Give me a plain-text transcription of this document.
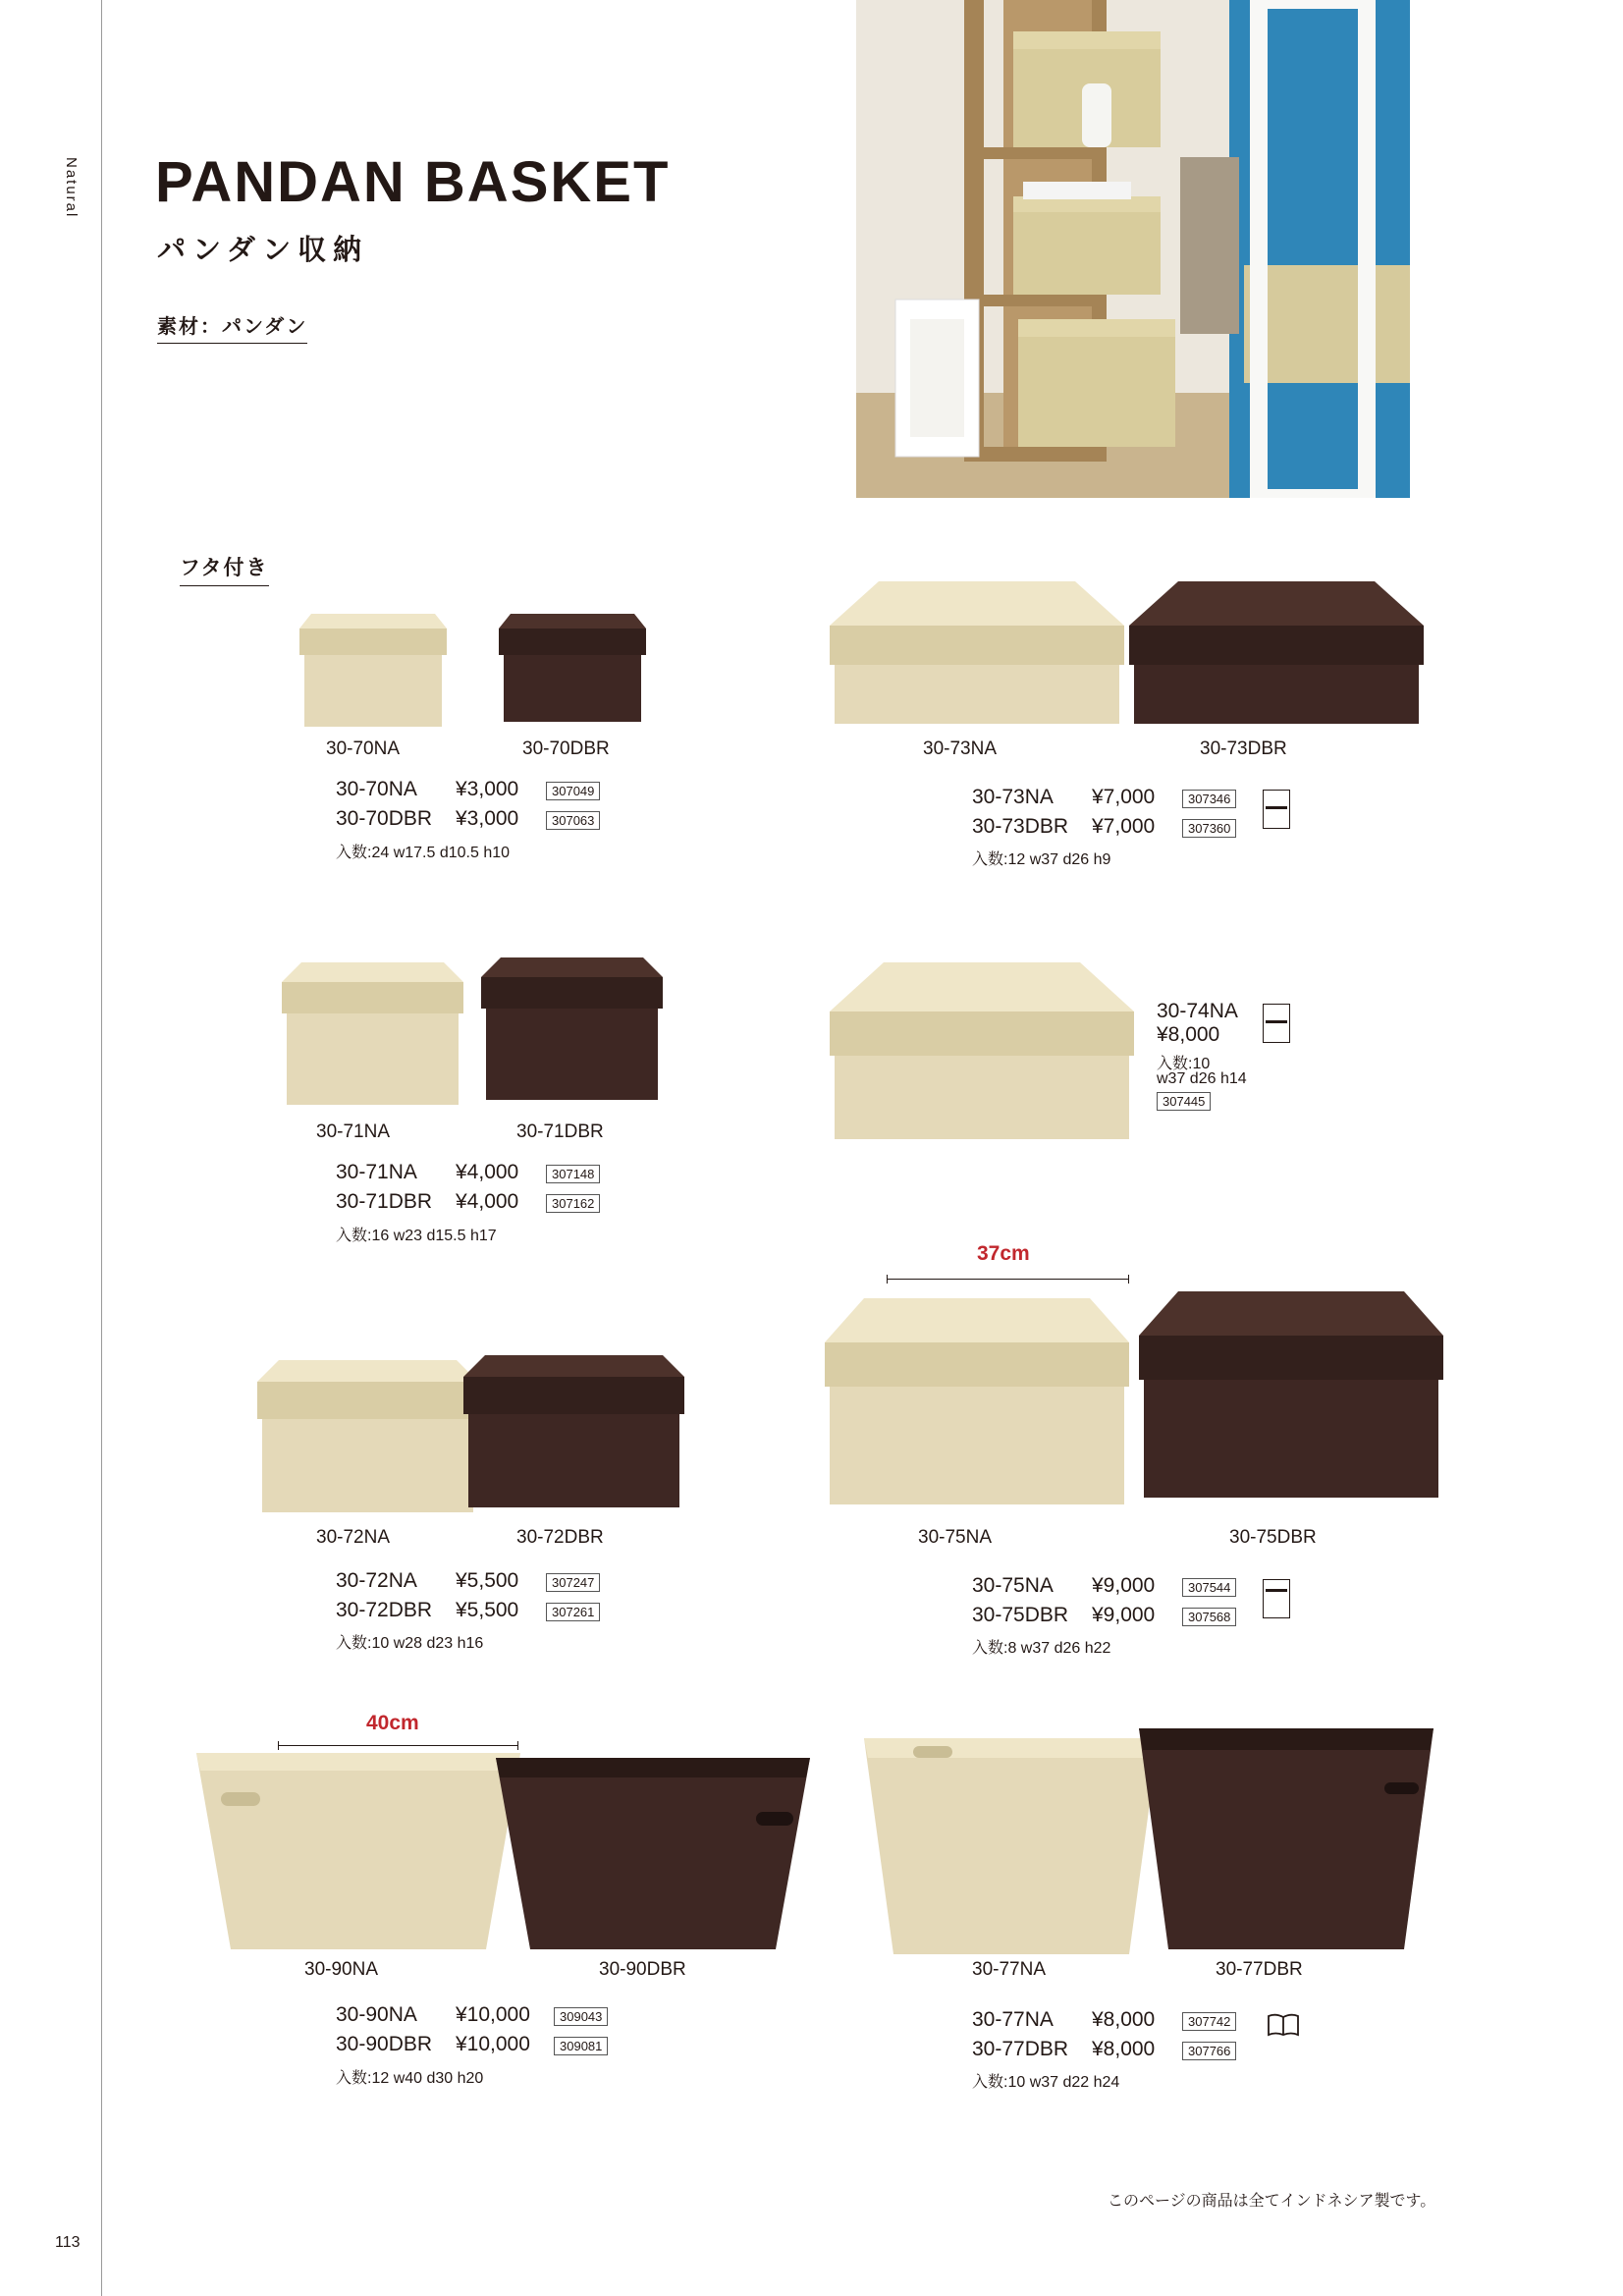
Natural
113
PANDAN BASKET
パンダン収納
素材：パンダン
フタ付き
30-70NA	30-70DBR
30-70NA ¥3,000	307049
30-70DBR ¥3,000	307063
入数:24 w17.5 d10.5 h10
30-71NA	30-71DBR
30-71NA ¥4,000	307148
30-71DBR ¥4,000	307162
入数:16 w23 d15.5 h17
30-72NA	30-72DBR
30-72NA ¥5,500	307247
30-72DBR ¥5,500	307261
入数:10 w28 d23 h16
40cm
30-90NA	30-90DBR
30-90NA ¥10,000	309043
30-90DBR ¥10,000	309081
入数:12 w40 d30 h20
30-73NA	30-73DBR
30-73NA ¥7,000	307346
30-73DBR ¥7,000	307360
入数:12 w37 d26 h9
30-74NA
¥8,000
入数:10
w37 d26 h14
307445
37cm
30-75NA	30-75DBR
30-75NA ¥9,000	307544
30-75DBR ¥9,000	307568
入数:8 w37 d26 h22
30-77NA	30-77DBR
30-77NA ¥8,000	307742
30-77DBR ¥8,000	307766
入数:10 w37 d22 h24
このページの商品は全てインドネシア製です。
